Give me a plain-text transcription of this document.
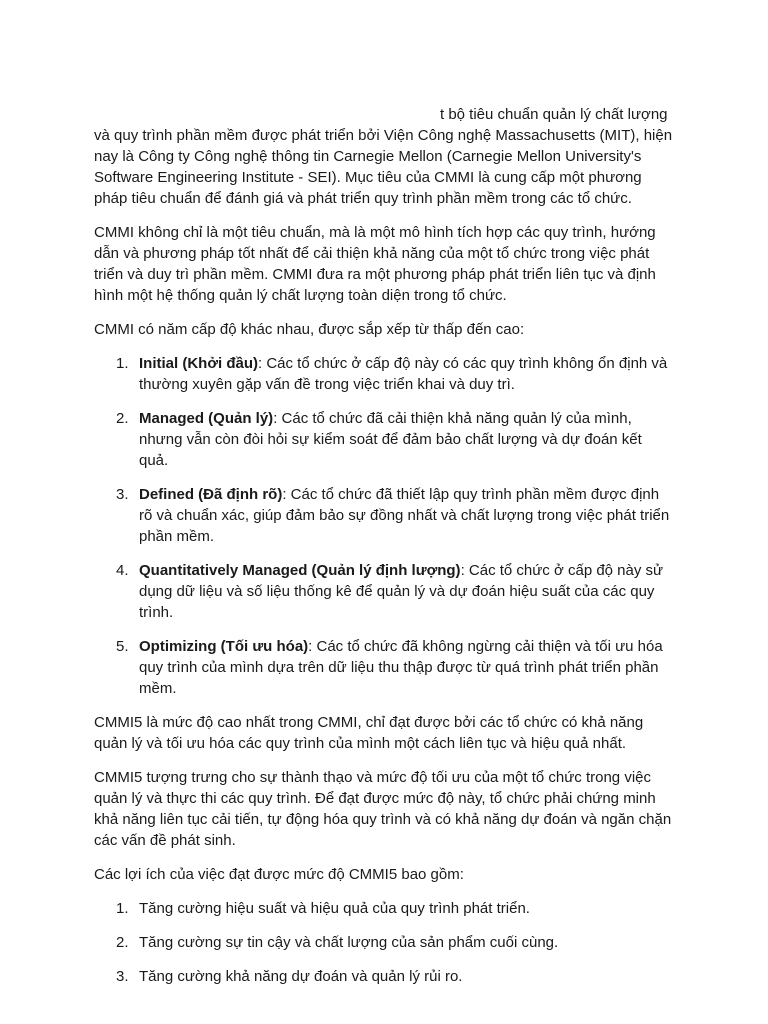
t bộ tiêu chuẩn quản lý chất lượng và quy trình phần mềm được phát triển bởi Viện Công nghệ Massachusetts (MIT), hiện nay là Công ty Công nghệ thông tin Carnegie Mellon (Carnegie Mellon University's Software Engineering Institute - SEI). Mục tiêu của CMMI là cung cấp một phương pháp tiêu chuẩn để đánh giá và phát triển quy trình phần mềm trong các tổ chức.

CMMI không chỉ là một tiêu chuẩn, mà là một mô hình tích hợp các quy trình, hướng dẫn và phương pháp tốt nhất để cải thiện khả năng của một tổ chức trong việc phát triển và duy trì phần mềm. CMMI đưa ra một phương pháp phát triển liên tục và định hình một hệ thống quản lý chất lượng toàn diện trong tổ chức.

CMMI có năm cấp độ khác nhau, được sắp xếp từ thấp đến cao:

1. Initial (Khởi đầu): Các tổ chức ở cấp độ này có các quy trình không ổn định và thường xuyên gặp vấn đề trong việc triển khai và duy trì.
2. Managed (Quản lý): Các tổ chức đã cải thiện khả năng quản lý của mình, nhưng vẫn còn đòi hỏi sự kiểm soát để đảm bảo chất lượng và dự đoán kết quả.
3. Defined (Đã định rõ): Các tổ chức đã thiết lập quy trình phần mềm được định rõ và chuẩn xác, giúp đảm bảo sự đồng nhất và chất lượng trong việc phát triển phần mềm.
4. Quantitatively Managed (Quản lý định lượng): Các tổ chức ở cấp độ này sử dụng dữ liệu và số liệu thống kê để quản lý và dự đoán hiệu suất của các quy trình.
5. Optimizing (Tối ưu hóa): Các tổ chức đã không ngừng cải thiện và tối ưu hóa quy trình của mình dựa trên dữ liệu thu thập được từ quá trình phát triển phần mềm.

CMMI5 là mức độ cao nhất trong CMMI, chỉ đạt được bởi các tổ chức có khả năng quản lý và tối ưu hóa các quy trình của mình một cách liên tục và hiệu quả nhất.

CMMI5 tượng trưng cho sự thành thạo và mức độ tối ưu của một tổ chức trong việc quản lý và thực thi các quy trình. Để đạt được mức độ này, tổ chức phải chứng minh khả năng liên tục cải tiến, tự động hóa quy trình và có khả năng dự đoán và ngăn chặn các vấn đề phát sinh.

Các lợi ích của việc đạt được mức độ CMMI5 bao gồm:

1. Tăng cường hiệu suất và hiệu quả của quy trình phát triển.
2. Tăng cường sự tin cậy và chất lượng của sản phẩm cuối cùng.
3. Tăng cường khả năng dự đoán và quản lý rủi ro.
